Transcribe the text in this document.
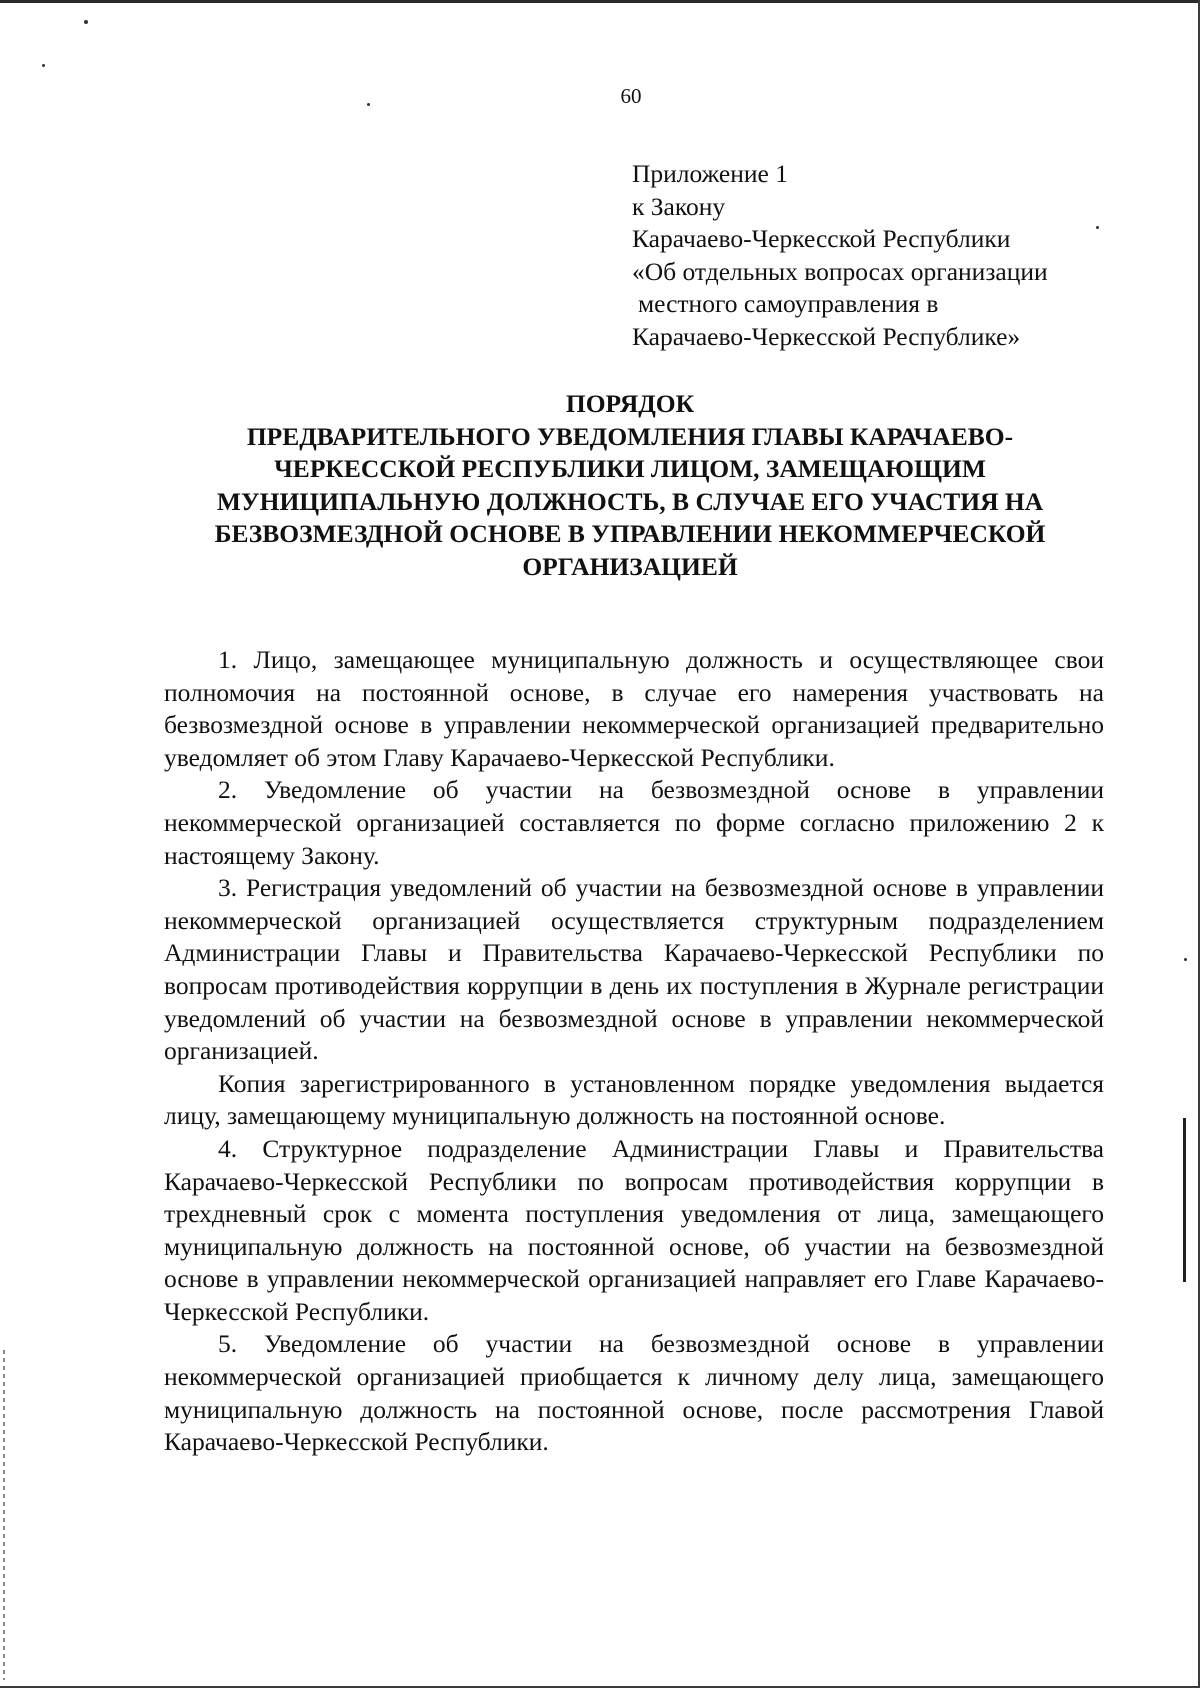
60
Приложение 1
к Закону
Карачаево-Черкесской Республики
«Об отдельных вопросах организации
местного самоуправления в
Карачаево-Черкесской Республике»
ПОРЯДОК
ПРЕДВАРИТЕЛЬНОГО УВЕДОМЛЕНИЯ ГЛАВЫ КАРАЧАЕВО-
ЧЕРКЕССКОЙ РЕСПУБЛИКИ ЛИЦОМ, ЗАМЕЩАЮЩИМ
МУНИЦИПАЛЬНУЮ ДОЛЖНОСТЬ, В СЛУЧАЕ ЕГО УЧАСТИЯ НА
БЕЗВОЗМЕЗДНОЙ ОСНОВЕ В УПРАВЛЕНИИ НЕКОММЕРЧЕСКОЙ
ОРГАНИЗАЦИЕЙ

1. Лицо, замещающее муниципальную должность и осуществляющее свои полномочия на постоянной основе, в случае его намерения участвовать на безвозмездной основе в управлении некоммерческой организацией предварительно уведомляет об этом Главу Карачаево-Черкесской Республики.

2. Уведомление об участии на безвозмездной основе в управлении некоммерческой организацией составляется по форме согласно приложению 2 к настоящему Закону.

3. Регистрация уведомлений об участии на безвозмездной основе в управлении некоммерческой организацией осуществляется структурным подразделением Администрации Главы и Правительства Карачаево-Черкесской Республики по вопросам противодействия коррупции в день их поступления в Журнале регистрации уведомлений об участии на безвозмездной основе в управлении некоммерческой организацией.

Копия зарегистрированного в установленном порядке уведомления выдается лицу, замещающему муниципальную должность на постоянной основе.

4. Структурное подразделение Администрации Главы и Правительства Карачаево-Черкесской Республики по вопросам противодействия коррупции в трехдневный срок с момента поступления уведомления от лица, замещающего муниципальную должность на постоянной основе, об участии на безвозмездной основе в управлении некоммерческой организацией направляет его Главе Карачаево-Черкесской Республики.

5. Уведомление об участии на безвозмездной основе в управлении некоммерческой организацией приобщается к личному делу лица, замещающего муниципальную должность на постоянной основе, после рассмотрения Главой Карачаево-Черкесской Республики.
